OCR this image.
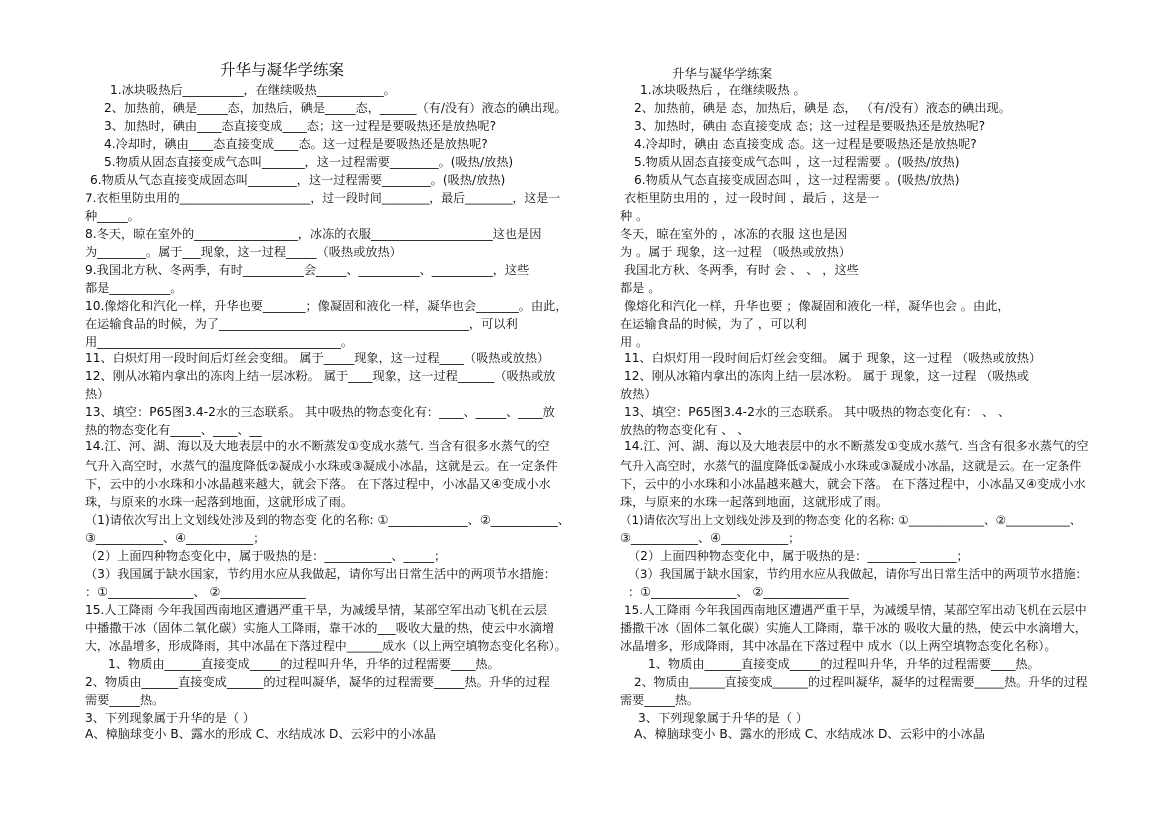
升华与凝华学练案
1.冰块吸热后__________，在继续吸热___________。
2、加热前，碘是_____态，加热后，碘是_____态，______（有/没有）液态的碘出现。
3、加热时，碘由____态直接变成____态；这一过程是要吸热还是放热呢?
4.冷却时，碘由____态直接变成____态。这一过程是要吸热还是放热呢?
5.物质从固态直接变成气态叫_______，这一过程需要________。(吸热/放热)
6.物质从气态直接变成固态叫________，这一过程需要________。(吸热/放热)
7.衣柜里防虫用的______________________，过一段时间________，最后________，这是一
种_____。
8.冬天，晾在室外的_________________，冰冻的衣服____________________这也是因
为________。属于___现象，这一过程_____（吸热或放热）
9.我国北方秋、冬两季，有时__________会_____、__________、__________，这些
都是__________。
10.像熔化和汽化一样，升华也要_______；像凝固和液化一样，凝华也会_______。由此，
在运输食品的时候，为了_________________________________________，可以利
用________________________________________。
11、白炽灯用一段时间后灯丝会变细。 属于_____现象，这一过程____（吸热或放热）
12、刚从冰箱内拿出的冻肉上结一层冰粉。 属于____现象，这一过程______（吸热或放
热）
13、填空：P65图3.4-2水的三态联系。 其中吸热的物态变化有：____、_____、____放
热的物态变化有_____、____、__
14.江、河、湖、海以及大地表层中的水不断蒸发①变成水蒸气. 当含有很多水蒸气的空
气升入高空时，水蒸气的温度降低②凝成小水珠或③凝成小冰晶，这就是云。在一定条件
下，云中的小水珠和小冰晶越来越大，就会下落。 在下落过程中，小冰晶又④变成小水
珠，与原来的水珠一起落到地面，这就形成了雨。
（1)请依次写出上文划线处涉及到的物态变 化的名称: ①_____________、②___________、
③___________、④___________；
（2）上面四种物态变化中，属于吸热的是：___________、_____；
（3）我国属于缺水国家，节约用水应从我做起，请你写出日常生活中的两项节水措施：
：①______________、 ②______________
15.人工降雨 今年我国西南地区遭遇严重干旱，为减缓旱情，某部空军出动飞机在云层
中播撒干冰（固体二氧化碳）实施人工降雨，靠干冰的___吸收大量的热，使云中水滴增
大，冰晶增多，形成降雨，其中冰晶在下落过程中______成水（以上两空填物态变化名称）。
1、物质由______直接变成_____的过程叫升华，升华的过程需要____热。
2、物质由______直接变成______的过程叫凝华，凝华的过程需要_____热。升华的过程
需要_____热。
3、下列现象属于升华的是（ ）
A、樟脑球变小 B、露水的形成 C、水结成冰 D、云彩中的小冰晶
升华与凝华学练案
1.冰块吸热后 ，在继续吸热 。
2、加热前，碘是 态，加热后，碘是 态， （有/没有）液态的碘出现。
3、加热时，碘由 态直接变成 态；这一过程是要吸热还是放热呢?
4.冷却时，碘由 态直接变成 态。这一过程是要吸热还是放热呢?
5.物质从固态直接变成气态叫 ，这一过程需要 。(吸热/放热)
6.物质从气态直接变成固态叫 ，这一过程需要 。(吸热/放热)
衣柜里防虫用的 ，过一段时间 ，最后 ，这是一
种 。
冬天，晾在室外的 ，冰冻的衣服 这也是因
为 。属于 现象，这一过程 （吸热或放热）
我国北方秋、冬两季，有时 会 、 、 ，这些
都是 。
像熔化和汽化一样，升华也要 ；像凝固和液化一样，凝华也会 。由此，
在运输食品的时候，为了 ，可以利
用 。
11、白炽灯用一段时间后灯丝会变细。 属于 现象，这一过程 （吸热或放热）
12、刚从冰箱内拿出的冻肉上结一层冰粉。 属于 现象，这一过程 （吸热或
放热）
13、填空：P65图3.4-2水的三态联系。 其中吸热的物态变化有： 、 、
放热的物态变化有 、 、
14.江、河、湖、海以及大地表层中的水不断蒸发①变成水蒸气. 当含有很多水蒸气的空
气升入高空时，水蒸气的温度降低②凝成小水珠或③凝成小冰晶，这就是云。在一定条件
下，云中的小水珠和小冰晶越来越大，就会下落。 在下落过程中，小冰晶又④变成小水
珠，与原来的水珠一起落到地面，这就形成了雨。
（1)请依次写出上文划线处涉及到的物态变 化的名称: ①_____________、②___________、
③___________、④___________；
（2）上面四种物态变化中，属于吸热的是：________ ______；
（3）我国属于缺水国家，节约用水应从我做起，请你写出日常生活中的两项节水措施：
：①______________、 ②______________
15.人工降雨 今年我国西南地区遭遇严重干旱，为减缓旱情，某部空军出动飞机在云层中
播撒干冰（固体二氧化碳）实施人工降雨，靠干冰的 吸收大量的热，使云中水滴增大，
冰晶增多，形成降雨，其中冰晶在下落过程中 成水（以上两空填物态变化名称）。
1、物质由______直接变成_____的过程叫升华，升华的过程需要____热。
2、物质由______直接变成______的过程叫凝华，凝华的过程需要_____热。升华的过程
需要_____热。
3、下列现象属于升华的是（ ）
A、樟脑球变小 B、露水的形成 C、水结成冰 D、云彩中的小冰晶
